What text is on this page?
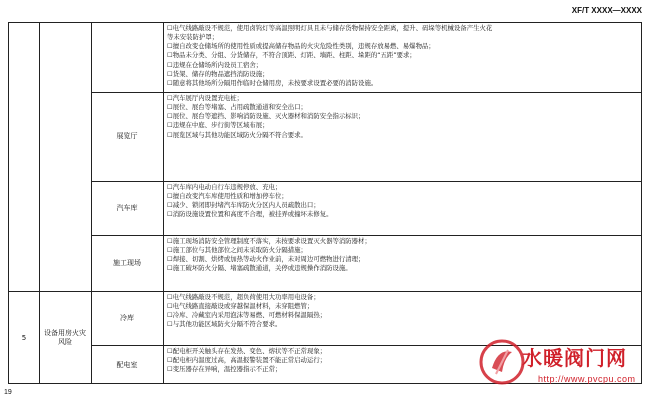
XF/T XXXX—XXXX
5
设备用房火灾风险
展览厅
汽车库
施工现场
冷库
配电室
☐电气线路敲设不规范，使用卤钨灯等高温照明灯具且未与储存货物保持安全距离，提升、码垛等机械设备产生火花
等未安装防护罩；
☐擅自改变仓储场所的使用性质或提高储存物品的火灾危险性类别，违规存放易燃、易爆物品；
☐物品未分类、分组、分货储存，不符合顶距、灯距、墙距、柱距、垛距的“五距”要求；
☐违规在仓储场所内设员工宿舍；
☐货架、储存的物品遮挡消防设施；
☐随意将其他场所分隔用作临时仓储用房，未按要求设置必要的消防设施。
☐汽车展厅内设置充电桩；
☐展位、展台等堵塞、占用疏散通道和安全出口；
☐展位、展台等遮挡、影响消防设施、灭火器材和消防安全指示标识；
☐违规在中庭、步行街等区域布展；
☐展览区域与其他功能区域防火分隔不符合要求。
☐汽车库内电动自行车违规停放、充电；
☐擅自改变汽车库使用性质和增加停车位；
☐减少、锁闭即封堵汽车库防火分区内人员疏散出口；
☐消防设施设置位置和高度不合理，被挂弄或撞坏未修复。
☐施工现场消防安全管理制度不落实，未按要求设置灭火器等消防器材；
☐施工部位与其他部位之间未采取防火分隔措施；
☐焊接、切割、烘烤或加热等动火作业前，未对周边可燃物进行清理；
☐施工破坏防火分隔、堵塞疏散通道，关停或违规操作消防设施。
☐电气线路敲设不规范，超负荷使用大功率用电设备；
☐电气线路直接敲设或穿越保温材料，未穿阻燃管；
☐冷库、冷藏室内采用泡沫等易燃、可燃材料保温隔热；
☐与其他功能区域防火分隔不符合要求。
☐配电柜开关触头存在发热、变色、熔状等不正常现象；
☐配电柜内温度过高，高温报警装置不能正常启动运行；
☐变压器存在异响，温控器指示不正常；
19
水暖阀门网
http://www.pvcpu.com
